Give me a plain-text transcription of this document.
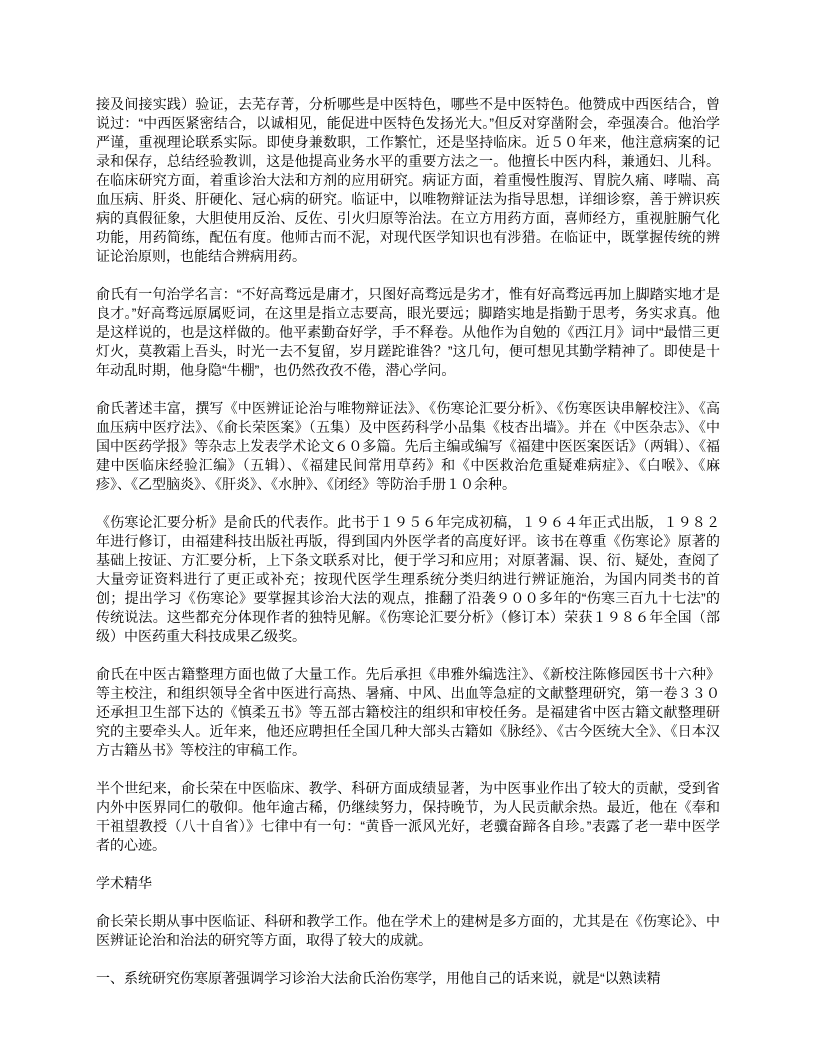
接及间接实践）验证，去芜存菁，分析哪些是中医特色，哪些不是中医特色。他赞成中西医结合，曾说过：“中西医紧密结合，以诚相见，能促进中医特色发扬光大。”但反对穿凿附会，牵强凑合。他治学严谨，重视理论联系实际。即使身兼数职，工作繁忙，还是坚持临床。近５０年来，他注意病案的记录和保存，总结经验教训，这是他提高业务水平的重要方法之一。他擅长中医内科，兼通妇、儿科。在临床研究方面，着重诊治大法和方剂的应用研究。病证方面，着重慢性腹泻、胃脘久痛、哮喘、高血压病、肝炎、肝硬化、冠心病的研究。临证中，以唯物辩证法为指导思想，详细诊察，善于辨识疾病的真假征象，大胆使用反治、反佐、引火归原等治法。在立方用药方面，喜师经方，重视脏腑气化功能，用药简练，配伍有度。他师古而不泥，对现代医学知识也有涉猎。在临证中，既掌握传统的辨证论治原则，也能结合辨病用药。

俞氏有一句治学名言：“不好高骛远是庸才，只图好高骛远是劣才，惟有好高骛远再加上脚踏实地才是良才。”好高骛远原属贬词，在这里是指立志要高，眼光要远；脚踏实地是指勤于思考，务实求真。他是这样说的，也是这样做的。他平素勤奋好学，手不释卷。从他作为自勉的《西江月》词中“最惜三更灯火，莫教霜上吾头，时光一去不复留，岁月蹉跎谁咎？”这几句，便可想见其勤学精神了。即使是十年动乱时期，他身隐“牛棚”，也仍然孜孜不倦，潜心学问。

俞氏著述丰富，撰写《中医辨证论治与唯物辩证法》、《伤寒论汇要分析》、《伤寒医诀串解校注》、《高血压病中医疗法》、《俞长荣医案》（五集）及中医药科学小品集《枝杏出墙》。并在《中医杂志》、《中国中医药学报》等杂志上发表学术论文６０多篇。先后主编或编写《福建中医医案医话》（两辑）、《福建中医临床经验汇编》（五辑）、《福建民间常用草药》和《中医救治危重疑难病症》、《白喉》、《麻疹》、《乙型脑炎》、《肝炎》、《水肿》、《闭经》等防治手册１０余种。

《伤寒论汇要分析》是俞氏的代表作。此书于１９５６年完成初稿，１９６４年正式出版，１９８２年进行修订，由福建科技出版社再版，得到国内外医学者的高度好评。该书在尊重《伤寒论》原著的基础上按证、方汇要分析，上下条文联系对比，便于学习和应用；对原著漏、误、衍、疑处，查阅了大量旁证资料进行了更正或补充；按现代医学生理系统分类归纳进行辨证施治，为国内同类书的首创；提出学习《伤寒论》要掌握其诊治大法的观点，推翻了沿袭９００多年的“伤寒三百九十七法”的传统说法。这些都充分体现作者的独特见解。《伤寒论汇要分析》（修订本）荣获１９８６年全国（部级）中医药重大科技成果乙级奖。

俞氏在中医古籍整理方面也做了大量工作。先后承担《串雅外编选注》、《新校注陈修园医书十六种》等主校注，和组织领导全省中医进行高热、暑痛、中风、出血等急症的文献整理研究，第一卷３３０还承担卫生部下达的《慎柔五书》等五部古籍校注的组织和审校任务。是福建省中医古籍文献整理研究的主要牵头人。近年来，他还应聘担任全国几种大部头古籍如《脉经》、《古今医统大全》、《日本汉方古籍丛书》等校注的审稿工作。

半个世纪来，俞长荣在中医临床、教学、科研方面成绩显著，为中医事业作出了较大的贡献，受到省内外中医界同仁的敬仰。他年逾古稀，仍继续努力，保持晚节，为人民贡献余热。最近，他在《奉和干祖望教授（八十自省）》七律中有一句：“黄昏一派风光好，老骥奋蹄各自珍。”表露了老一辈中医学者的心迹。

学术精华

俞长荣长期从事中医临证、科研和教学工作。他在学术上的建树是多方面的，尤其是在《伤寒论》、中医辨证论治和治法的研究等方面，取得了较大的成就。

一、系统研究伤寒原著强调学习诊治大法俞氏治伤寒学，用他自己的话来说，就是“以熟读精
